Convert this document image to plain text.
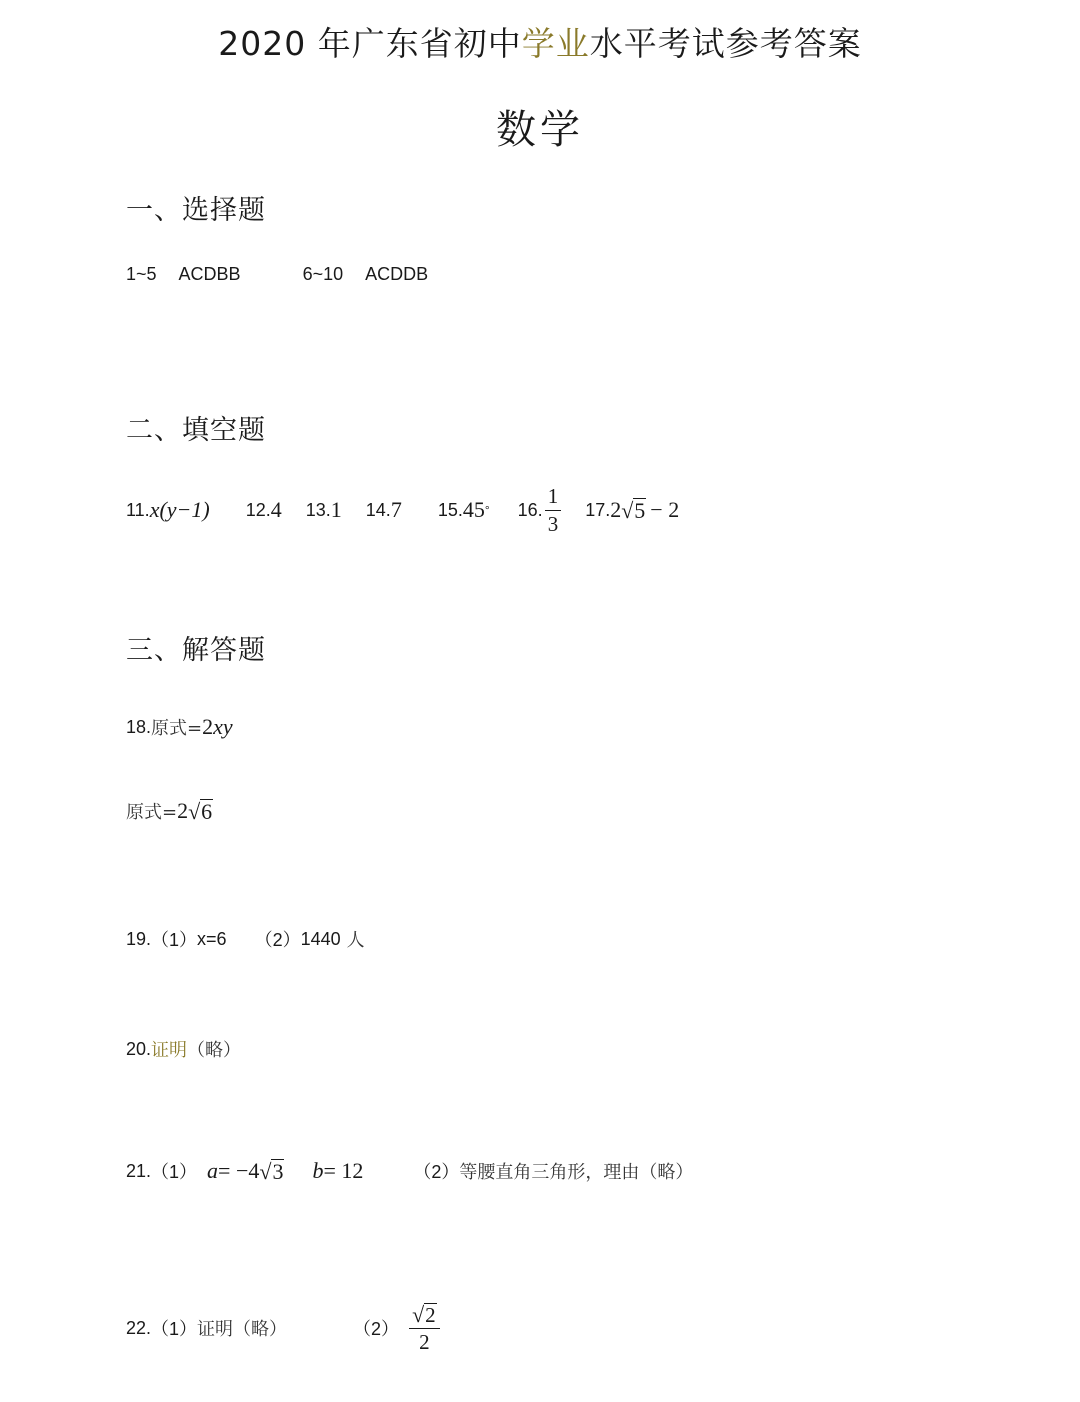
2020 年广东省初中学业水平考试参考答案
数学
一、选择题
1~5 ACDBB	6~10 ACDDB
二、填空题
11. x(y−1) 12. 4 13. 1 14. 7 15. 45 ° 16. $\frac{1}{3} 17$. 2 √ 5 − 2
三、解答题
18. 原式= 2 xy
原式= 2 √ 6
19. （1） x=6 （2） 1440 人
20. 证明 （略）
21. （1） a = −4 √ 3 b = 12	（2） 等腰直角三角形，理由（略）
22. （1） 证明（略）	$(2) \frac{√ 2}{2}$
